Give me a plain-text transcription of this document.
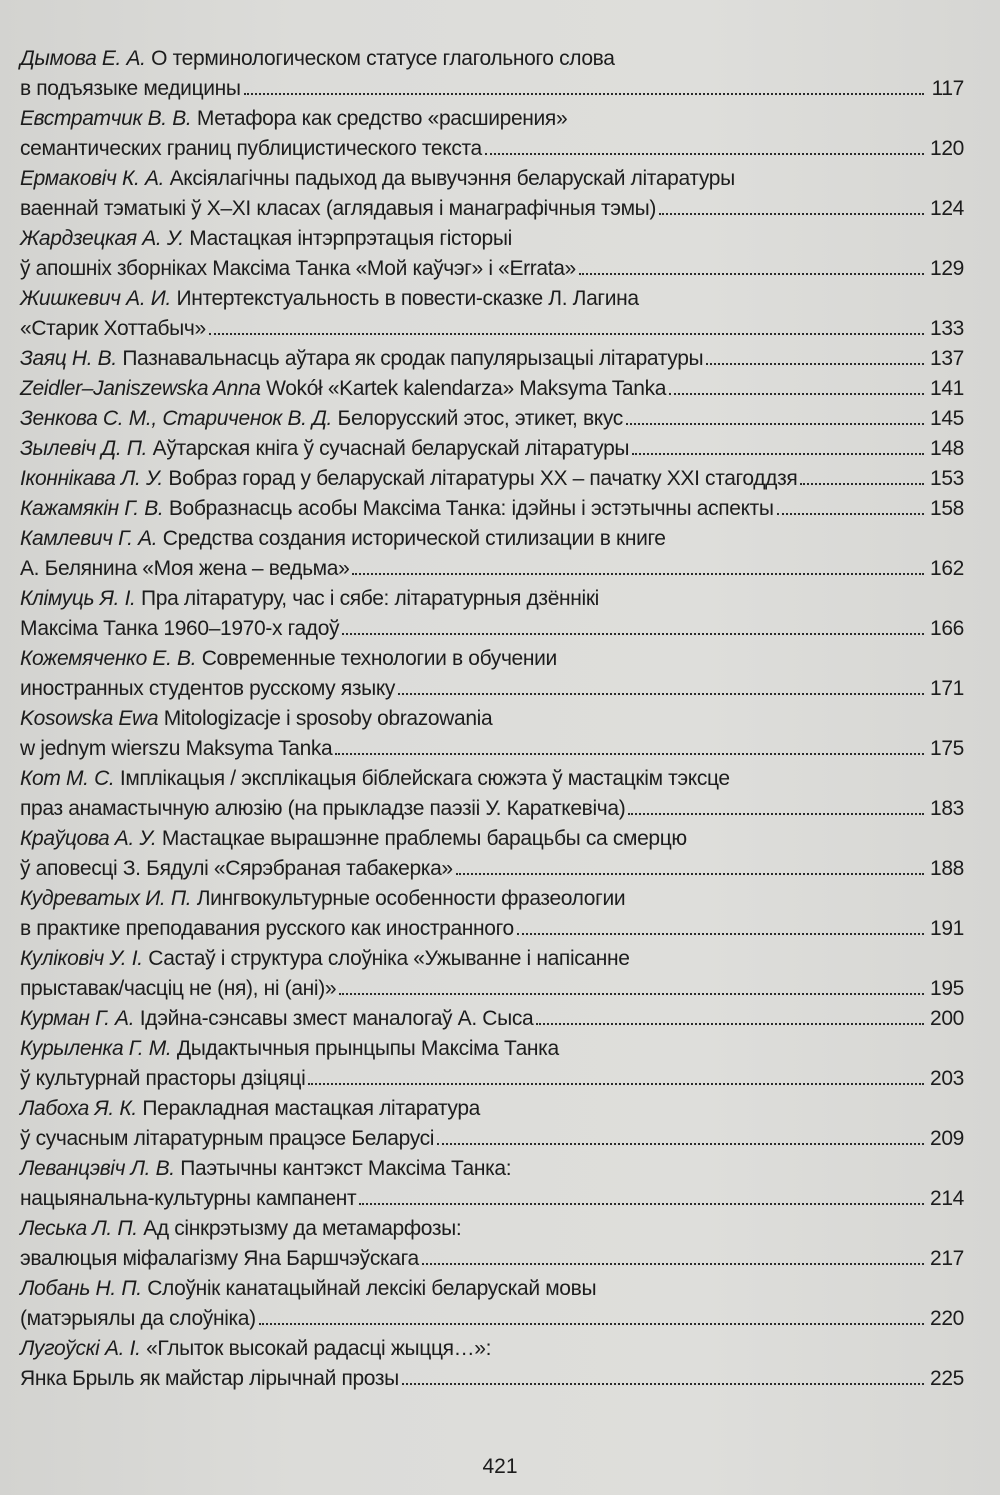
Дымова Е. А. О терминологическом статусе глагольного слова
в подъязыке медицины	117
Евстратчик В. В. Метафора как средство «расширения»
семантических границ публицистического текста	120
Ермаковіч К. А. Аксіялагічны падыход да вывучэння беларускай літаратуры
ваеннай тэматыкі ў X–XI класах (аглядавыя і манаграфічныя тэмы)	124
Жардзецкая А. У. Мастацкая інтэрпрэтацыя гісторыі
ў апошніх зборніках Максіма Танка «Мой каўчэг» і «Errata»	129
Жишкевич А. И. Интертекстуальность в повести-сказке Л. Лагина
«Старик Хоттабыч»	133
Заяц Н. В. Пазнавальнасць аўтара як сродак папулярызацыі літаратуры	137
Zeidler–Janiszewska Anna Wokół «Kartek kalendarza» Maksyma Tanka	141
Зенкова С. М., Стариченок В. Д. Белорусский этос, этикет, вкус	145
Зылевіч Д. П. Аўтарская кніга ў сучаснай беларускай літаратуры	148
Іконнікава Л. У. Вобраз горад у беларускай літаратуры XX – пачатку XXI стагоддзя	153
Кажамякін Г. В. Вобразнасць асобы Максіма Танка: ідэйны і эстэтычны аспекты	158
Камлевич Г. А. Средства создания исторической стилизации в книге
А. Белянина «Моя жена – ведьма»	162
Клімуць Я. І. Пра літаратуру, час і сябе: літаратурныя дзённікі
Максіма Танка 1960–1970-х гадоў	166
Кожемяченко Е. В. Современные технологии в обучении
иностранных студентов русскому языку	171
Kosowska Ewa Mitologizacje i sposoby obrazowania
w jednym wierszu Maksyma Tanka	175
Кот М. С. Імплікацыя / эксплікацыя біблейскага сюжэта ў мастацкім тэксце
праз анамастычную алюзію (на прыкладзе паэзіі У. Караткевіча)	183
Краўцова А. У. Мастацкае вырашэнне праблемы барацьбы са смерцю
ў аповесці З. Бядулі «Сярэбраная табакерка»	188
Кудреватых И. П. Лингвокультурные особенности фразеологии
в практике преподавания русского как иностранного	191
Куліковіч У. І. Састаў і структура слоўніка «Ужыванне і напісанне
прыставак/часціц не (ня), ні (ані)»	195
Курман Г. А. Ідэйна-сэнсавы змест маналогаў А. Сыса	200
Курыленка Г. М. Дыдактычныя прынцыпы Максіма Танка
ў культурнай прасторы дзіцяці	203
Лабоха Я. К. Перакладная мастацкая літаратура
ў сучасным літаратурным працэсе Беларусі	209
Леванцэвіч Л. В. Паэтычны кантэкст Максіма Танка:
нацыянальна-культурны кампанент	214
Леська Л. П. Ад сінкрэтызму да метамарфозы:
эвалюцыя міфалагізму Яна Баршчэўскага	217
Лобань Н. П. Слоўнік канатацыйнай лексікі беларускай мовы
(матэрыялы да слоўніка)	220
Лугоўскі А. І. «Глыток высокай радасці жыцця…»:
Янка Брыль як майстар лірычнай прозы	225
421
